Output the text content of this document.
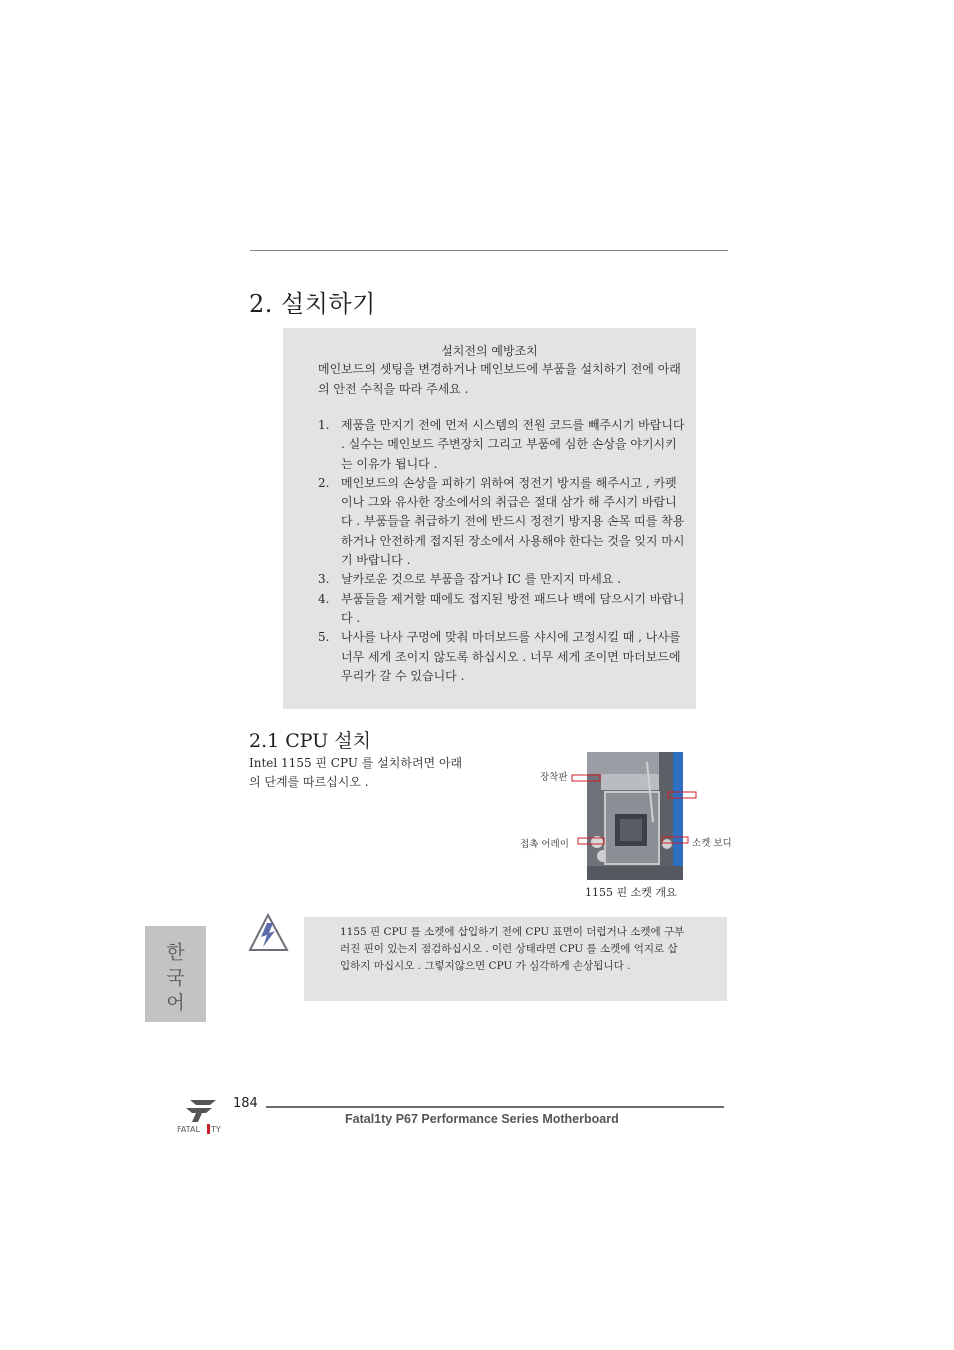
2. 설치하기
설치전의 예방조치
메인보드의 셋팅을 변경하거나 메인보드에 부품을 설치하기 전에 아래의 안전 수칙을 따라 주세요 .
1. 제품을 만지기 전에 먼저 시스템의 전원 코드를 빼주시기 바랍니다 . 실수는 메인보드 주변장치 그리고 부품에 심한 손상을 야기시키는 이유가 됩니다 .
2. 메인보드의 손상을 피하기 위하여 정전기 방지를 해주시고 , 카펫이나 그와 유사한 장소에서의 취급은 절대 삼가 해 주시기 바랍니다 . 부품들을 취급하기 전에 반드시 정전기 방지용 손목 띠를 착용하거나 안전하게 접지된 장소에서 사용해야 한다는 것을 잊지 마시기 바랍니다 .
3. 날카로운 것으로 부품을 잡거나 IC 를 만지지 마세요 .
4. 부품들을 제거할 때에도 접지된 방전 패드나 백에 담으시기 바랍니다 .
5. 나사를 나사 구멍에 맞춰 마더보드를 샤시에 고정시킬 때 , 나사를 너무 세게 조이지 않도록 하십시오 . 너무 세게 조이면 마더보드에 무리가 갈 수 있습니다 .
2.1 CPU 설치
Intel 1155 핀 CPU 를 설치하려면 아래의 단계를 따르십시오 .	장착판
접촉 어레이	소켓 보디
1155 핀 소켓 개요
1155 핀 CPU 를 소켓에 삽입하기 전에 CPU 표면이 더럽거나 소켓에 구부러진 핀이 있는지 점검하십시오 . 이런 상태라면 CPU 를 소켓에 억지로 삽입하지 마십시오 . 그렇지않으면 CPU 가 심각하게 손상됩니다 .
한 국 어
FATAL TY
184
Fatal1ty P67 Performance Series Motherboard
